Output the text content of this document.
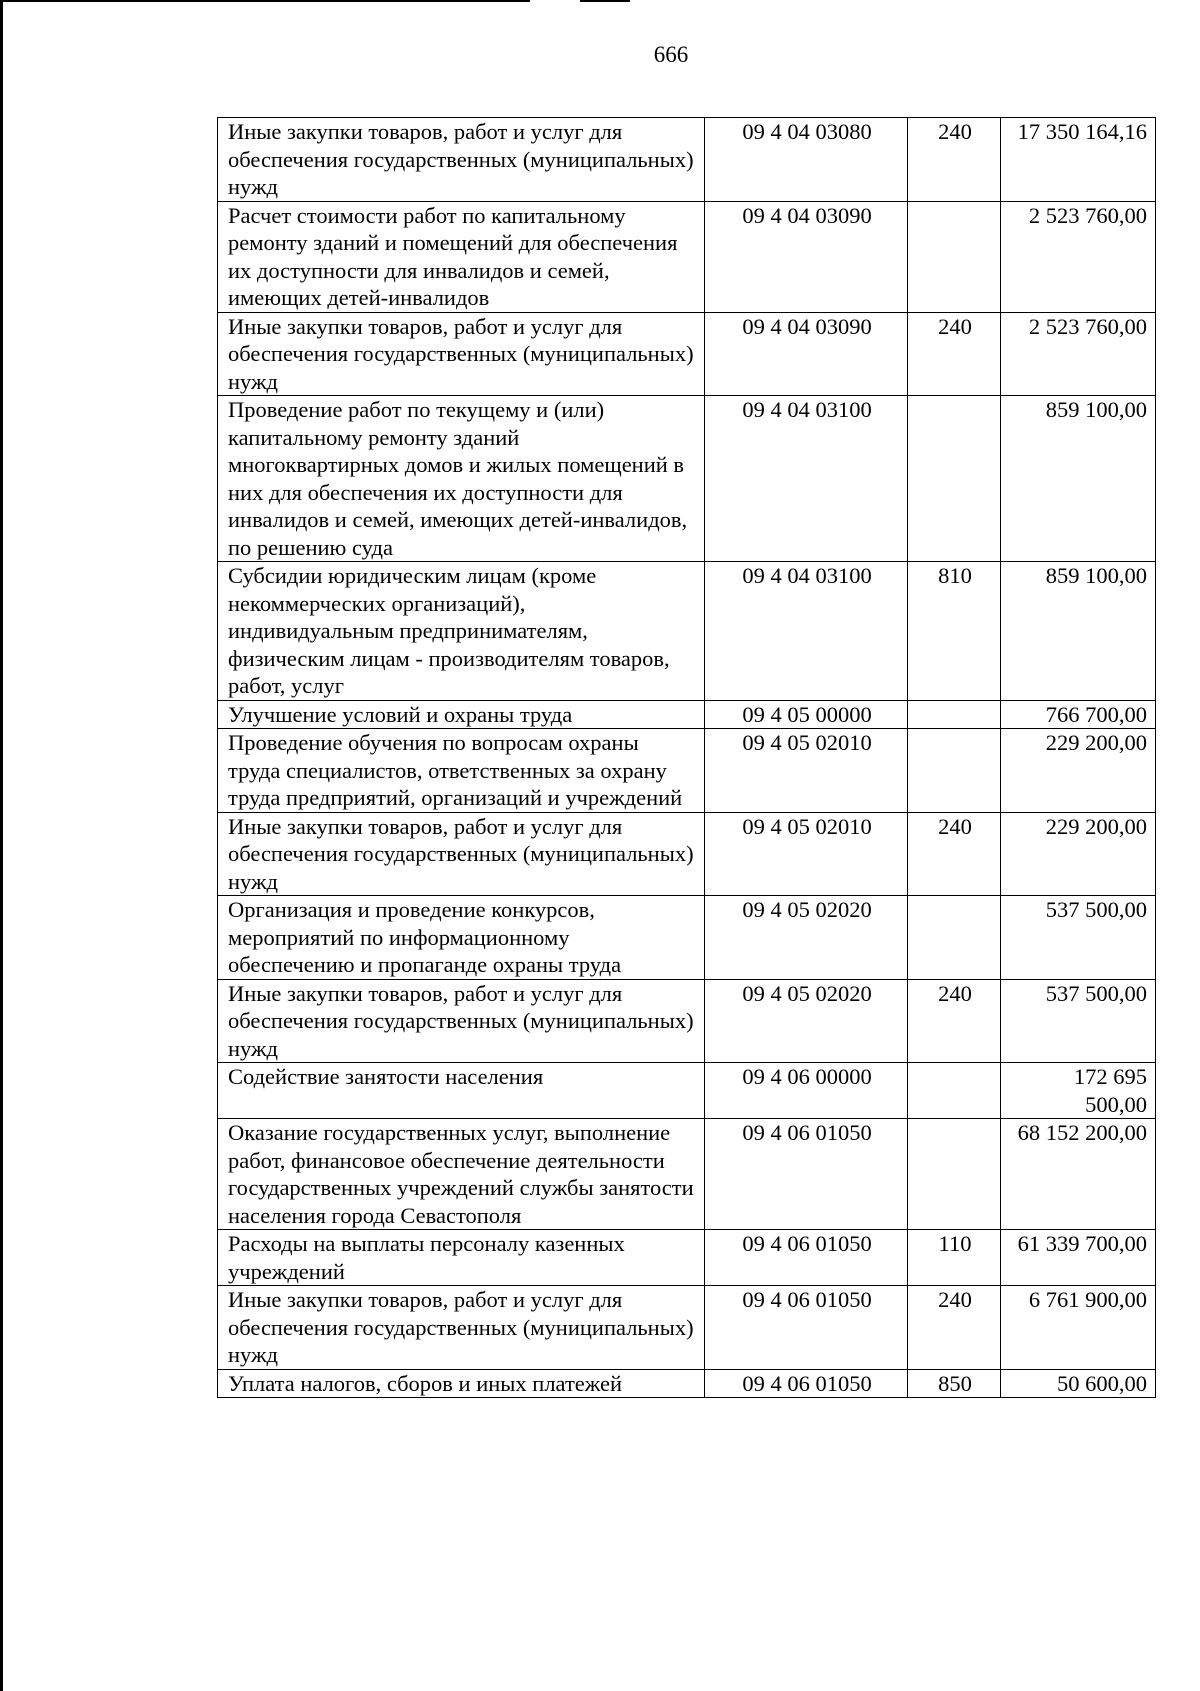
666
Иные закупки товаров, работ и услуг для обеспечения государственных (муниципальных) нужд	09 4 04 03080	240	17 350 164,16
Расчет стоимости работ по капитальному ремонту зданий и помещений для обеспечения их доступности для инвалидов и семей, имеющих детей-инвалидов	09 4 04 03090		2 523 760,00
Иные закупки товаров, работ и услуг для обеспечения государственных (муниципальных) нужд	09 4 04 03090	240	2 523 760,00
Проведение работ по текущему и (или) капитальному ремонту зданий многоквартирных домов и жилых помещений в них для обеспечения их доступности для инвалидов и семей, имеющих детей-инвалидов, по решению суда	09 4 04 03100		859 100,00
Субсидии юридическим лицам (кроме некоммерческих организаций), индивидуальным предпринимателям, физическим лицам - производителям товаров, работ, услуг	09 4 04 03100	810	859 100,00
Улучшение условий и охраны труда	09 4 05 00000		766 700,00
Проведение обучения по вопросам охраны труда специалистов, ответственных за охрану труда предприятий, организаций и учреждений	09 4 05 02010		229 200,00
Иные закупки товаров, работ и услуг для обеспечения государственных (муниципальных) нужд	09 4 05 02010	240	229 200,00
Организация и проведение конкурсов, мероприятий по информационному обеспечению и пропаганде охраны труда	09 4 05 02020		537 500,00
Иные закупки товаров, работ и услуг для обеспечения государственных (муниципальных) нужд	09 4 05 02020	240	537 500,00
Содействие занятости населения	09 4 06 00000		172 695 500,00
Оказание государственных услуг, выполнение работ, финансовое обеспечение деятельности государственных учреждений службы занятости населения города Севастополя	09 4 06 01050		68 152 200,00
Расходы на выплаты персоналу казенных учреждений	09 4 06 01050	110	61 339 700,00
Иные закупки товаров, работ и услуг для обеспечения государственных (муниципальных) нужд	09 4 06 01050	240	6 761 900,00
Уплата налогов, сборов и иных платежей	09 4 06 01050	850	50 600,00
